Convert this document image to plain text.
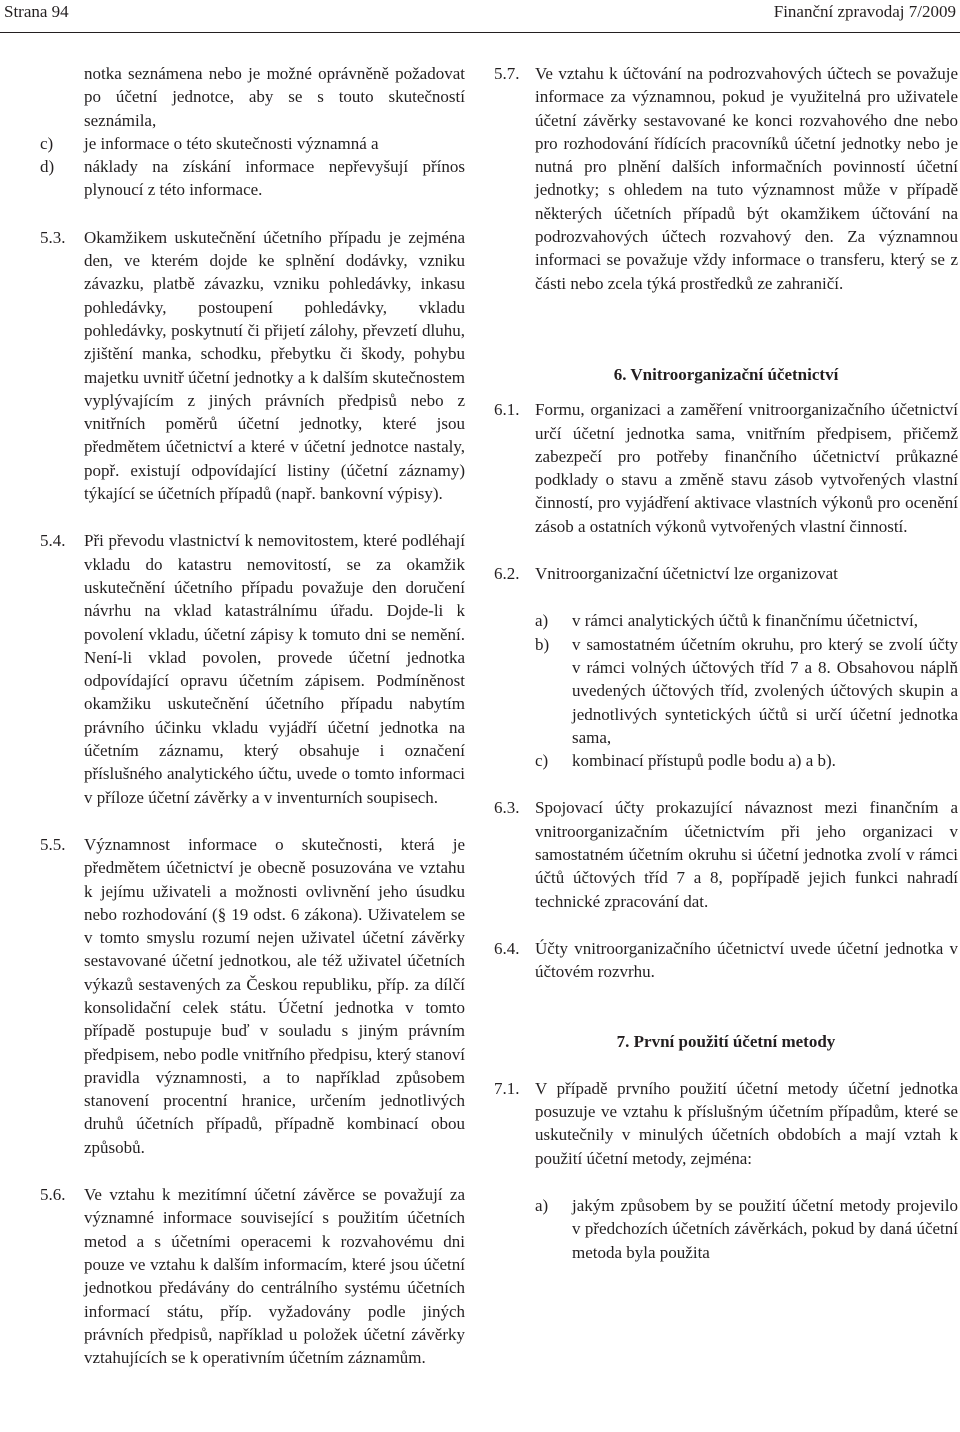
Strana 94	Finanční zpravodaj 7/2009
notka seznámena nebo je možné oprávněně požadovat po účetní jednotce, aby se s touto skutečností seznámila,
c)	je informace o této skutečnosti významná a
d)	náklady na získání informace nepřevyšují přínos plynoucí z této informace.
5.3.	Okamžikem uskutečnění účetního případu je zejména den, ve kterém dojde ke splnění dodávky, vzniku závazku, platbě závazku, vzniku pohledávky, inkasu pohledávky, postoupení pohledávky, vkladu pohledávky, poskytnutí či přijetí zálohy, převzetí dluhu, zjištění manka, schodku, přebytku či škody, pohybu majetku uvnitř účetní jednotky a k dalším skutečnostem vyplývajícím z jiných právních předpisů nebo z vnitřních poměrů účetní jednotky, které jsou předmětem účetnictví a které v účetní jednotce nastaly, popř. existují odpovídající listiny (účetní záznamy) týkající se účetních případů (např. bankovní výpisy).
5.4.	Při převodu vlastnictví k nemovitostem, které podléhají vkladu do katastru nemovitostí, se za okamžik uskutečnění účetního případu považuje den doručení návrhu na vklad katastrálnímu úřadu. Dojde-li k povolení vkladu, účetní zápisy k tomuto dni se nemění. Není-li vklad povolen, provede účetní jednotka odpovídající opravu účetním zápisem. Podmíněnost okamžiku uskutečnění účetního případu nabytím právního účinku vkladu vyjádří účetní jednotka na účetním záznamu, který obsahuje i označení příslušného analytického účtu, uvede o tomto informaci v příloze účetní závěrky a v inventurních soupisech.
5.5.	Významnost informace o skutečnosti, která je předmětem účetnictví je obecně posuzována ve vztahu k jejímu uživateli a možnosti ovlivnění jeho úsudku nebo rozhodování (§ 19 odst. 6 zákona). Uživatelem se v tomto smyslu rozumí nejen uživatel účetní závěrky sestavované účetní jednotkou, ale též uživatel účetních výkazů sestavených za Českou republiku, příp. za dílčí konsolidační celek státu. Účetní jednotka v tomto případě postupuje buď v souladu s jiným právním předpisem, nebo podle vnitřního předpisu, který stanoví pravidla významnosti, a to například způsobem stanovení procentní hranice, určením jednotlivých druhů účetních případů, případně kombinací obou způsobů.
5.6.	Ve vztahu k mezitímní účetní závěrce se považují za významné informace související s použitím účetních metod a s účetními operacemi k rozvahovému dni pouze ve vztahu k dalším informacím, které jsou účetní jednotkou předávány do centrálního systému účetních informací státu, příp. vyžadovány podle jiných právních předpisů, například u položek účetní závěrky vztahujících se k operativním účetním záznamům.
5.7. Ve vztahu k účtování na podrozvahových účtech se považuje informace za významnou, pokud je využitelná pro uživatele účetní závěrky sestavované ke konci rozvahového dne nebo pro rozhodování řídících pracovníků účetní jednotky nebo je nutná pro plnění dalších informačních povinností účetní jednotky; s ohledem na tuto významnost může v případě některých účetních případů být okamžikem účtování na podrozvahových účtech rozvahový den. Za významnou informaci se považuje vždy informace o transferu, který se z části nebo zcela týká prostředků ze zahraničí.
6. Vnitroorganizační účetnictví
6.1. Formu, organizaci a zaměření vnitroorganizačního účetnictví určí účetní jednotka sama, vnitřním předpisem, přičemž zabezpečí pro potřeby finančního účetnictví průkazné podklady o stavu a změně stavu zásob vytvořených vlastní činností, pro vyjádření aktivace vlastních výkonů pro ocenění zásob a ostatních výkonů vytvořených vlastní činností.
6.2. Vnitroorganizační účetnictví lze organizovat
a)	v rámci analytických účtů k finančnímu účetnictví,
b)	v samostatném účetním okruhu, pro který se zvolí účty v rámci volných účtových tříd 7 a 8. Obsahovou náplň uvedených účtových tříd, zvolených účtových skupin a jednotlivých syntetických účtů si určí účetní jednotka sama,
c)	kombinací přístupů podle bodu a) a b).
6.3. Spojovací účty prokazující návaznost mezi finančním a vnitroorganizačním účetnictvím při jeho organizaci v samostatném účetním okruhu si účetní jednotka zvolí v rámci účtů účtových tříd 7 a 8, popřípadě jejich funkci nahradí technické zpracování dat.
6.4. Účty vnitroorganizačního účetnictví uvede účetní jednotka v účtovém rozvrhu.
7. První použití účetní metody
7.1. V případě prvního použití účetní metody účetní jednotka posuzuje ve vztahu k příslušným účetním případům, které se uskutečnily v minulých účetních obdobích a mají vztah k použití účetní metody, zejména:
a)	jakým způsobem by se použití účetní metody projevilo v předchozích účetních závěrkách, pokud by daná účetní metoda byla použita
